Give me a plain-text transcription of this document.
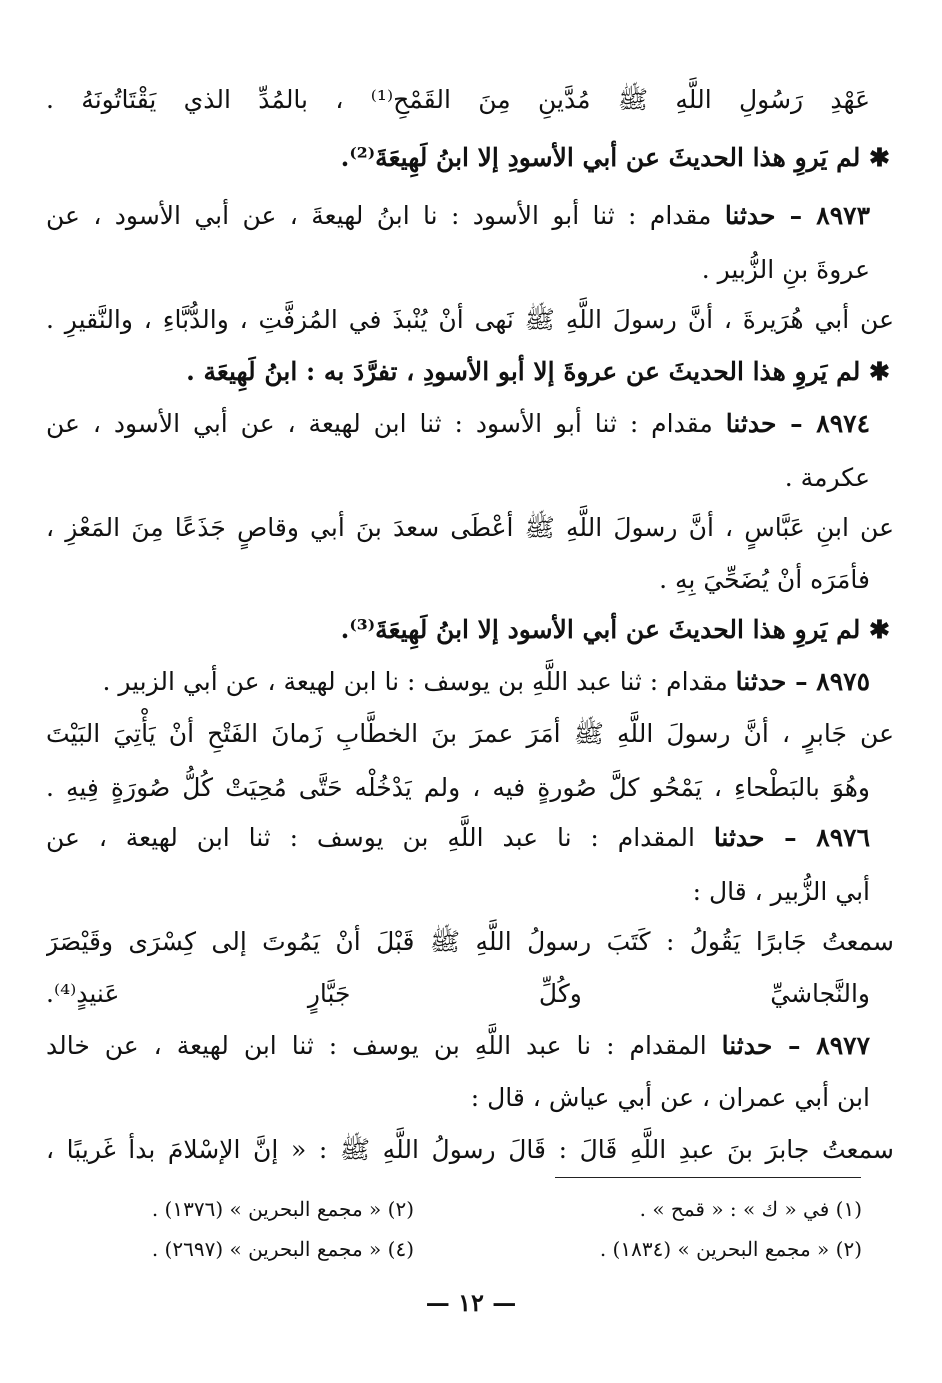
عَهْدِ رَسُولِ اللَّهِ ﷺ مُدَّينِ مِنَ القَمْحِ⁽¹⁾ ، بالمُدِّ الذي يَقْتَاتُونَهُ .
✱ لم يَروِ هذا الحديثَ عن أبي الأسودِ إلا ابنُ لَهِيعَةَ⁽²⁾.
٨٩٧٣ – حدثنا مقدام : ثنا أبو الأسود : نا ابنُ لهيعةَ ، عن أبي الأسود ، عن
عروةَ بنِ الزُّبير .
عن أبي هُرَيرةَ ، أنَّ رسولَ اللَّهِ ﷺ نَهى أنْ يُنْبذَ في المُزفَّتِ ، والدُّبَّاءِ ، والنَّقيرِ .
✱ لم يَروِ هذا الحديثَ عن عروةَ إلا أبو الأسودِ ، تفرَّدَ به : ابنُ لَهِيعَة .
٨٩٧٤ – حدثنا مقدام : ثنا أبو الأسود : ثنا ابن لهيعة ، عن أبي الأسود ، عن
عكرمة .
عن ابنِ عَبَّاسٍ ، أنَّ رسولَ اللَّهِ ﷺ أعْطَى سعدَ بنَ أبي وقاصٍ جَذَعًا مِنَ المَعْزِ ،
فأمَرَه أنْ يُضَحِّيَ بِهِ .
✱ لم يَروِ هذا الحديثَ عن أبي الأسود إلا ابنُ لَهِيعَةَ⁽³⁾.
٨٩٧٥ – حدثنا مقدام : ثنا عبد اللَّهِ بن يوسف : نا ابن لهيعة ، عن أبي الزبير .
عن جَابرٍ ، أنَّ رسولَ اللَّهِ ﷺ أمَرَ عمرَ بنَ الخطَّابِ زَمانَ الفَتْحِ أنْ يَأْتِيَ البَيْتَ
وهُوَ بالبَطْحاءِ ، يَمْحُو كلَّ صُورةٍ فيه ، ولم يَدْخُلْه حَتَّى مُحِيَتْ كُلُّ صُورَةٍ فِيهِ .
٨٩٧٦ – حدثنا المقدام : نا عبد اللَّهِ بن يوسف : ثنا ابن لهيعة ، عن
أبي الزُّبير ، قال :
سمعتُ جَابرًا يَقُولُ : كَتَبَ رسولُ اللَّهِ ﷺ قَبْلَ أنْ يَمُوتَ إلى كِسْرَى وقَيْصَرَ
والنَّجاشيِّ وكُلِّ جَبَّارٍ عَنيدٍ⁽⁴⁾.
٨٩٧٧ – حدثنا المقدام : نا عبد اللَّهِ بن يوسف : ثنا ابن لهيعة ، عن خالد
ابن أبي عمران ، عن أبي عياش ، قال :
سمعتُ جابرَ بنَ عبدِ اللَّهِ قَالَ : قَالَ رسولُ اللَّهِ ﷺ : « إنَّ الإسْلامَ بدأ غَريبًا ،
(١) في « ك » : « قمح » .
(٢) « مجمع البحرين » (١٨٣٤) .
(٢) « مجمع البحرين » (١٣٧٦) .
(٤) « مجمع البحرين » (٢٦٩٧) .
— ١٢ —
